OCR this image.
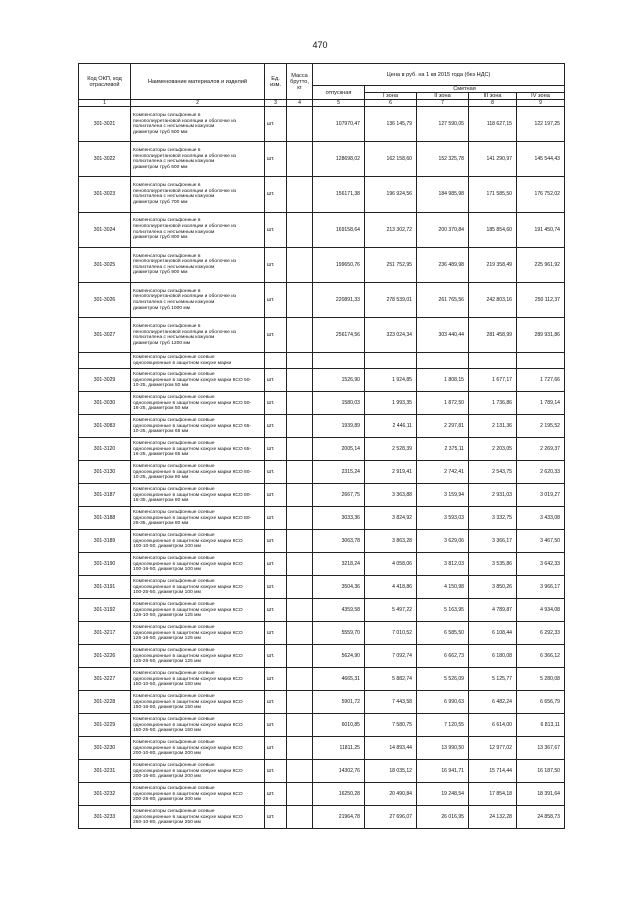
470
Код ОКП, код отраслевой	Наименование материалов и изделий	Ед. изм.	Масса брутто, кг	Цена в руб. на 1 кв 2015 года (без НДС)				
				отпускная	Сметная			
					I зона	II зона	III зона	IV зона
1	2	3	4	5	6	7	8	9
301-3021	Компенсаторы сильфонные в
пенополиуретановой изоляции и оболочке из
полиэтилена с несъемным кожухом
диаметром труб 500 мм	шт.		107970,47	136 145,79	127 590,05	118 627,15	122 197,25
301-3022	Компенсаторы сильфонные в
пенополиуретановой изоляции и оболочке из
полиэтилена с несъемным кожухом
диаметром труб 600 мм	шт.		128698,02	162 158,60	152 325,78	141 290,97	145 544,43
301-3023	Компенсаторы сильфонные в
пенополиуретановой изоляции и оболочке из
полиэтилена с несъемным кожухом
диаметром труб 700 мм	шт.		156171,38	196 924,56	184 985,98	171 585,50	176 752,02
301-3024	Компенсаторы сильфонные в
пенополиуретановой изоляции и оболочке из
полиэтилена с несъемным кожухом
диаметром труб 800 мм	шт.		169158,64	213 302,72	200 370,84	185 854,60	191 450,74
301-3025	Компенсаторы сильфонные в
пенополиуретановой изоляции и оболочке из
полиэтилена с несъемным кожухом
диаметром труб 900 мм	шт.		199650,76	251 752,95	236 489,98	219 358,49	225 961,92
301-3026	Компенсаторы сильфонные в
пенополиуретановой изоляции и оболочке из
полиэтилена с несъемным кожухом
диаметром труб 1000 мм	шт.		220891,33	278 539,01	261 765,56	242 803,16	250 112,37
301-3027	Компенсаторы сильфонные в
пенополиуретановой изоляции и оболочке из
полиэтилена с несъемным кожухом
диаметром труб 1200 мм	шт.		256174,56	323 024,34	303 440,44	281 458,99	289 931,86
	Компенсаторы сильфонные осевые
односекционные в защитном кожухе марки							
301-3029	Компенсаторы сильфонные осевые
односекционные в защитном кожухе марки КСО 50-
10-25, диаметром 50 мм	шт.		1526,90	1 924,85	1 808,15	1 677,17	1 727,66
301-3030	Компенсаторы сильфонные осевые
односекционные в защитном кожухе марки КСО 50-
16-25, диаметром 50 мм	шт.		1580,03	1 993,35	1 872,50	1 736,86	1 789,14
301-3083	Компенсаторы сильфонные осевые
односекционные в защитном кожухе марки КСО 65-
10-25, диаметром 65 мм	шт.		1939,89	2 446,11	2 297,81	2 131,36	2 195,52
301-3120	Компенсаторы сильфонные осевые
односекционные в защитном кожухе марки КСО 65-
16-25, диаметром 65 мм	шт.		2005,14	2 528,39	2 375,11	2 203,05	2 269,37
301-3130	Компенсаторы сильфонные осевые
односекционные в защитном кожухе марки КСО 80-
10-25, диаметром 80 мм	шт.		2315,24	2 919,41	2 742,41	2 543,75	2 620,33
301-3187	Компенсаторы сильфонные осевые
односекционные в защитном кожухе марки КСО 80-
16-35, диаметром 80 мм	шт.		2667,75	3 363,88	3 159,94	2 931,03	3 019,27
301-3188	Компенсаторы сильфонные осевые
односекционные в защитном кожухе марки КСО 80-
25-35, диаметром 80 мм	шт.		3033,36	3 824,92	3 593,03	3 332,75	3 433,08
301-3189	Компенсаторы сильфонные осевые
односекционные в защитном кожухе марки КСО
100-10-50, диаметром 100 мм	шт.		3063,78	3 863,28	3 629,06	3 366,17	3 467,50
301-3190	Компенсаторы сильфонные осевые
односекционные в защитном кожухе марки КСО
100-16-50, диаметром 100 мм	шт.		3218,24	4 058,06	3 812,03	3 535,86	3 642,33
301-3191	Компенсаторы сильфонные осевые
односекционные в защитном кожухе марки КСО
100-25-50, диаметром 100 мм	шт.		3504,36	4 418,86	4 150,98	3 850,26	3 966,17
301-3192	Компенсаторы сильфонные осевые
односекционные в защитном кожухе марки КСО
125-10-50, диаметром 125 мм	шт.		4359,58	5 497,22	5 163,95	4 789,87	4 934,08
301-3217	Компенсаторы сильфонные осевые
односекционные в защитном кожухе марки КСО
125-16-50, диаметром 125 мм	шт.		5559,70	7 010,52	6 585,50	6 108,44	6 292,33
301-3226	Компенсаторы сильфонные осевые
односекционные в защитном кожухе марки КСО
125-25-50, диаметром 125 мм	шт.		5624,90	7 092,74	6 662,73	6 180,08	6 366,12
301-3227	Компенсаторы сильфонные осевые
односекционные в защитном кожухе марки КСО
150-10-50, диаметром 150 мм	шт.		4665,31	5 882,74	5 526,09	5 125,77	5 280,08
301-3228	Компенсаторы сильфонные осевые
односекционные в защитном кожухе марки КСО
150-16-50, диаметром 150 мм	шт.		5901,72	7 443,58	6 990,63	6 482,24	6 656,79
301-3229	Компенсаторы сильфонные осевые
односекционные в защитном кожухе марки КСО
150-25-50, диаметром 150 мм	шт.		6010,85	7 580,75	7 120,55	6 614,00	6 813,11
301-3230	Компенсаторы сильфонные осевые
односекционные в защитном кожухе марки КСО
200-10-80, диаметром 200 мм	шт.		11811,25	14 893,44	13 990,50	12 977,02	13 367,67
301-3231	Компенсаторы сильфонные осевые
односекционные в защитном кожухе марки КСО
200-16-80, диаметром 200 мм	шт.		14302,76	18 035,12	16 941,71	15 714,44	16 187,50
301-3232	Компенсаторы сильфонные осевые
односекционные в защитном кожухе марки КСО
200-25-80, диаметром 200 мм	шт.		16250,28	20 490,84	19 248,54	17 854,18	18 391,64
301-3233	Компенсаторы сильфонные осевые
односекционные в защитном кожухе марки КСО
250-10-80, диаметром 250 мм	шт.		21964,78	27 696,07	26 016,95	24 132,28	24 858,73
